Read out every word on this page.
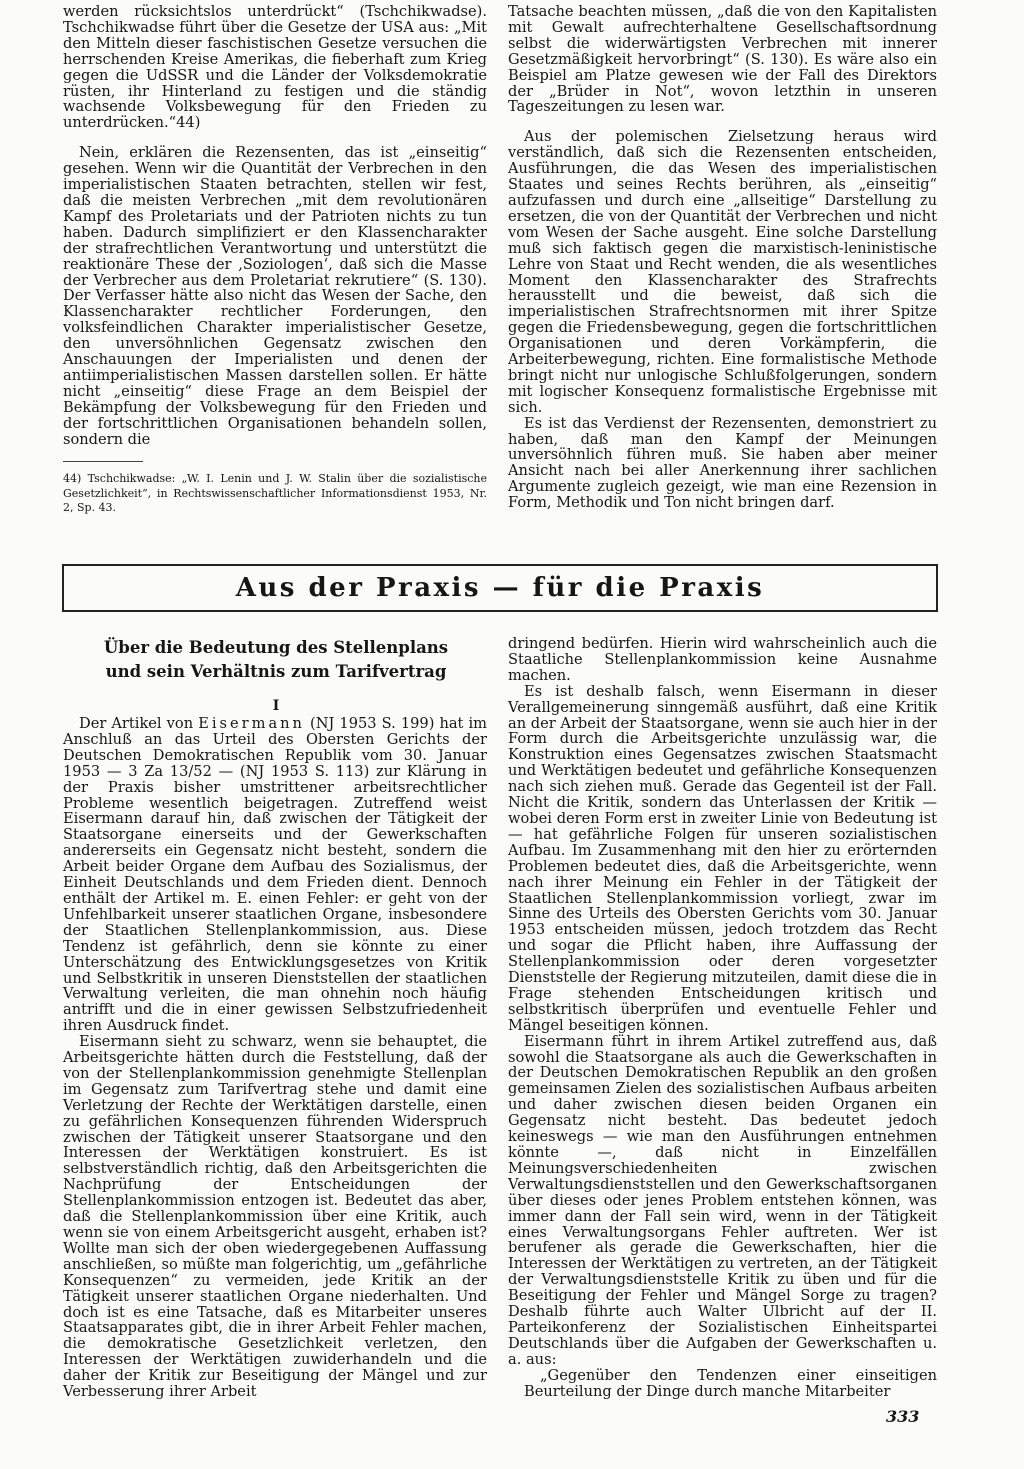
werden rücksichtslos unterdrückt“ (Tschchikwadse). Tschchikwadse führt über die Gesetze der USA aus: „Mit den Mitteln dieser faschistischen Gesetze versuchen die herrschenden Kreise Amerikas, die fieberhaft zum Krieg gegen die UdSSR und die Länder der Volksdemokratie rüsten, ihr Hinterland zu festigen und die ständig wachsende Volksbewegung für den Frieden zu unterdrücken.“44)

Nein, erklären die Rezensenten, das ist „einseitig“ gesehen. Wenn wir die Quantität der Verbrechen in den imperialistischen Staaten betrachten, stellen wir fest, daß die meisten Verbrechen „mit dem revolutionären Kampf des Proletariats und der Patrioten nichts zu tun haben. Dadurch simplifiziert er den Klassencharakter der strafrechtlichen Verantwortung und unterstützt die reaktionäre These der ‚Soziologen‘, daß sich die Masse der Verbrecher aus dem Proletariat rekrutiere“ (S. 130). Der Verfasser hätte also nicht das Wesen der Sache, den Klassencharakter rechtlicher Forderungen, den volksfeindlichen Charakter imperialistischer Gesetze, den unversöhnlichen Gegensatz zwischen den Anschauungen der Imperialisten und denen der antiimperialistischen Massen darstellen sollen. Er hätte nicht „einseitig“ diese Frage an dem Beispiel der Bekämpfung der Volksbewegung für den Frieden und der fortschrittlichen Organisationen behandeln sollen, sondern die

44) Tschchikwadse: „W. I. Lenin und J. W. Stalin über die sozialistische Gesetzlichkeit“, in Rechtswissenschaftlicher Informationsdienst 1953, Nr. 2, Sp. 43.

Tatsache beachten müssen, „daß die von den Kapitalisten mit Gewalt aufrechterhaltene Gesellschaftsordnung selbst die widerwärtigsten Verbrechen mit innerer Gesetzmäßigkeit hervorbringt“ (S. 130). Es wäre also ein Beispiel am Platze gewesen wie der Fall des Direktors der „Brüder in Not“, wovon letzthin in unseren Tageszeitungen zu lesen war.

Aus der polemischen Zielsetzung heraus wird verständlich, daß sich die Rezensenten entscheiden, Ausführungen, die das Wesen des imperialistischen Staates und seines Rechts berühren, als „einseitig“ aufzufassen und durch eine „allseitige“ Darstellung zu ersetzen, die von der Quantität der Verbrechen und nicht vom Wesen der Sache ausgeht. Eine solche Darstellung muß sich faktisch gegen die marxistisch-leninistische Lehre von Staat und Recht wenden, die als wesentliches Moment den Klassencharakter des Strafrechts herausstellt und die beweist, daß sich die imperialistischen Strafrechtsnormen mit ihrer Spitze gegen die Friedensbewegung, gegen die fortschrittlichen Organisationen und deren Vorkämpferin, die Arbeiterbewegung, richten. Eine formalistische Methode bringt nicht nur unlogische Schlußfolgerungen, sondern mit logischer Konsequenz formalistische Ergebnisse mit sich.

Es ist das Verdienst der Rezensenten, demonstriert zu haben, daß man den Kampf der Meinungen unversöhnlich führen muß. Sie haben aber meiner Ansicht nach bei aller Anerkennung ihrer sachlichen Argumente zugleich gezeigt, wie man eine Rezension in Form, Methodik und Ton nicht bringen darf.

Aus der Praxis — für die Praxis
Über die Bedeutung des Stellenplans
und sein Verhältnis zum Tarifvertrag
I

Der Artikel von Eisermann (NJ 1953 S. 199) hat im Anschluß an das Urteil des Obersten Gerichts der Deutschen Demokratischen Republik vom 30. Januar 1953 — 3 Za 13/52 — (NJ 1953 S. 113) zur Klärung in der Praxis bisher umstrittener arbeitsrechtlicher Probleme wesentlich beigetragen. Zutreffend weist Eisermann darauf hin, daß zwischen der Tätigkeit der Staatsorgane einerseits und der Gewerkschaften andererseits ein Gegensatz nicht besteht, sondern die Arbeit beider Organe dem Aufbau des Sozialismus, der Einheit Deutschlands und dem Frieden dient. Dennoch enthält der Artikel m. E. einen Fehler: er geht von der Unfehlbarkeit unserer staatlichen Organe, insbesondere der Staatlichen Stellenplankommission, aus. Diese Tendenz ist gefährlich, denn sie könnte zu einer Unterschätzung des Entwicklungsgesetzes von Kritik und Selbstkritik in unseren Dienststellen der staatlichen Verwaltung verleiten, die man ohnehin noch häufig antrifft und die in einer gewissen Selbstzufriedenheit ihren Ausdruck findet.

Eisermann sieht zu schwarz, wenn sie behauptet, die Arbeitsgerichte hätten durch die Feststellung, daß der von der Stellenplankommission genehmigte Stellenplan im Gegensatz zum Tarifvertrag stehe und damit eine Verletzung der Rechte der Werktätigen darstelle, einen zu gefährlichen Konsequenzen führenden Widerspruch zwischen der Tätigkeit unserer Staatsorgane und den Interessen der Werktätigen konstruiert. Es ist selbstverständlich richtig, daß den Arbeitsgerichten die Nachprüfung der Entscheidungen der Stellenplankommission entzogen ist. Bedeutet das aber, daß die Stellenplankommission über eine Kritik, auch wenn sie von einem Arbeitsgericht ausgeht, erhaben ist? Wollte man sich der oben wiedergegebenen Auffassung anschließen, so müßte man folgerichtig, um „gefährliche Konsequenzen“ zu vermeiden, jede Kritik an der Tätigkeit unserer staatlichen Organe niederhalten. Und doch ist es eine Tatsache, daß es Mitarbeiter unseres Staatsapparates gibt, die in ihrer Arbeit Fehler machen, die demokratische Gesetzlichkeit verletzen, den Interessen der Werktätigen zuwiderhandeln und die daher der Kritik zur Beseitigung der Mängel und zur Verbesserung ihrer Arbeit

dringend bedürfen. Hierin wird wahrscheinlich auch die Staatliche Stellenplankommission keine Ausnahme machen.

Es ist deshalb falsch, wenn Eisermann in dieser Verallgemeinerung sinngemäß ausführt, daß eine Kritik an der Arbeit der Staatsorgane, wenn sie auch hier in der Form durch die Arbeitsgerichte unzulässig war, die Konstruktion eines Gegensatzes zwischen Staatsmacht und Werktätigen bedeutet und gefährliche Konsequenzen nach sich ziehen muß. Gerade das Gegenteil ist der Fall. Nicht die Kritik, sondern das Unterlassen der Kritik — wobei deren Form erst in zweiter Linie von Bedeutung ist — hat gefährliche Folgen für unseren sozialistischen Aufbau. Im Zusammenhang mit den hier zu erörternden Problemen bedeutet dies, daß die Arbeitsgerichte, wenn nach ihrer Meinung ein Fehler in der Tätigkeit der Staatlichen Stellenplankommission vorliegt, zwar im Sinne des Urteils des Obersten Gerichts vom 30. Januar 1953 entscheiden müssen, jedoch trotzdem das Recht und sogar die Pflicht haben, ihre Auffassung der Stellenplankommission oder deren vorgesetzter Dienststelle der Regierung mitzuteilen, damit diese die in Frage stehenden Entscheidungen kritisch und selbstkritisch überprüfen und eventuelle Fehler und Mängel beseitigen können.

Eisermann führt in ihrem Artikel zutreffend aus, daß sowohl die Staatsorgane als auch die Gewerkschaften in der Deutschen Demokratischen Republik an den großen gemeinsamen Zielen des sozialistischen Aufbaus arbeiten und daher zwischen diesen beiden Organen ein Gegensatz nicht besteht. Das bedeutet jedoch keineswegs — wie man den Ausführungen entnehmen könnte —, daß nicht in Einzelfällen Meinungsverschiedenheiten zwischen Verwaltungsdienststellen und den Gewerkschaftsorganen über dieses oder jenes Problem entstehen können, was immer dann der Fall sein wird, wenn in der Tätigkeit eines Verwaltungsorgans Fehler auftreten. Wer ist berufener als gerade die Gewerkschaften, hier die Interessen der Werktätigen zu vertreten, an der Tätigkeit der Verwaltungsdienststelle Kritik zu üben und für die Beseitigung der Fehler und Mängel Sorge zu tragen? Deshalb führte auch Walter Ulbricht auf der II. Parteikonferenz der Sozialistischen Einheitspartei Deutschlands über die Aufgaben der Gewerkschaften u. a. aus:

„Gegenüber den Tendenzen einer einseitigen Beurteilung der Dinge durch manche Mitarbeiter

333
